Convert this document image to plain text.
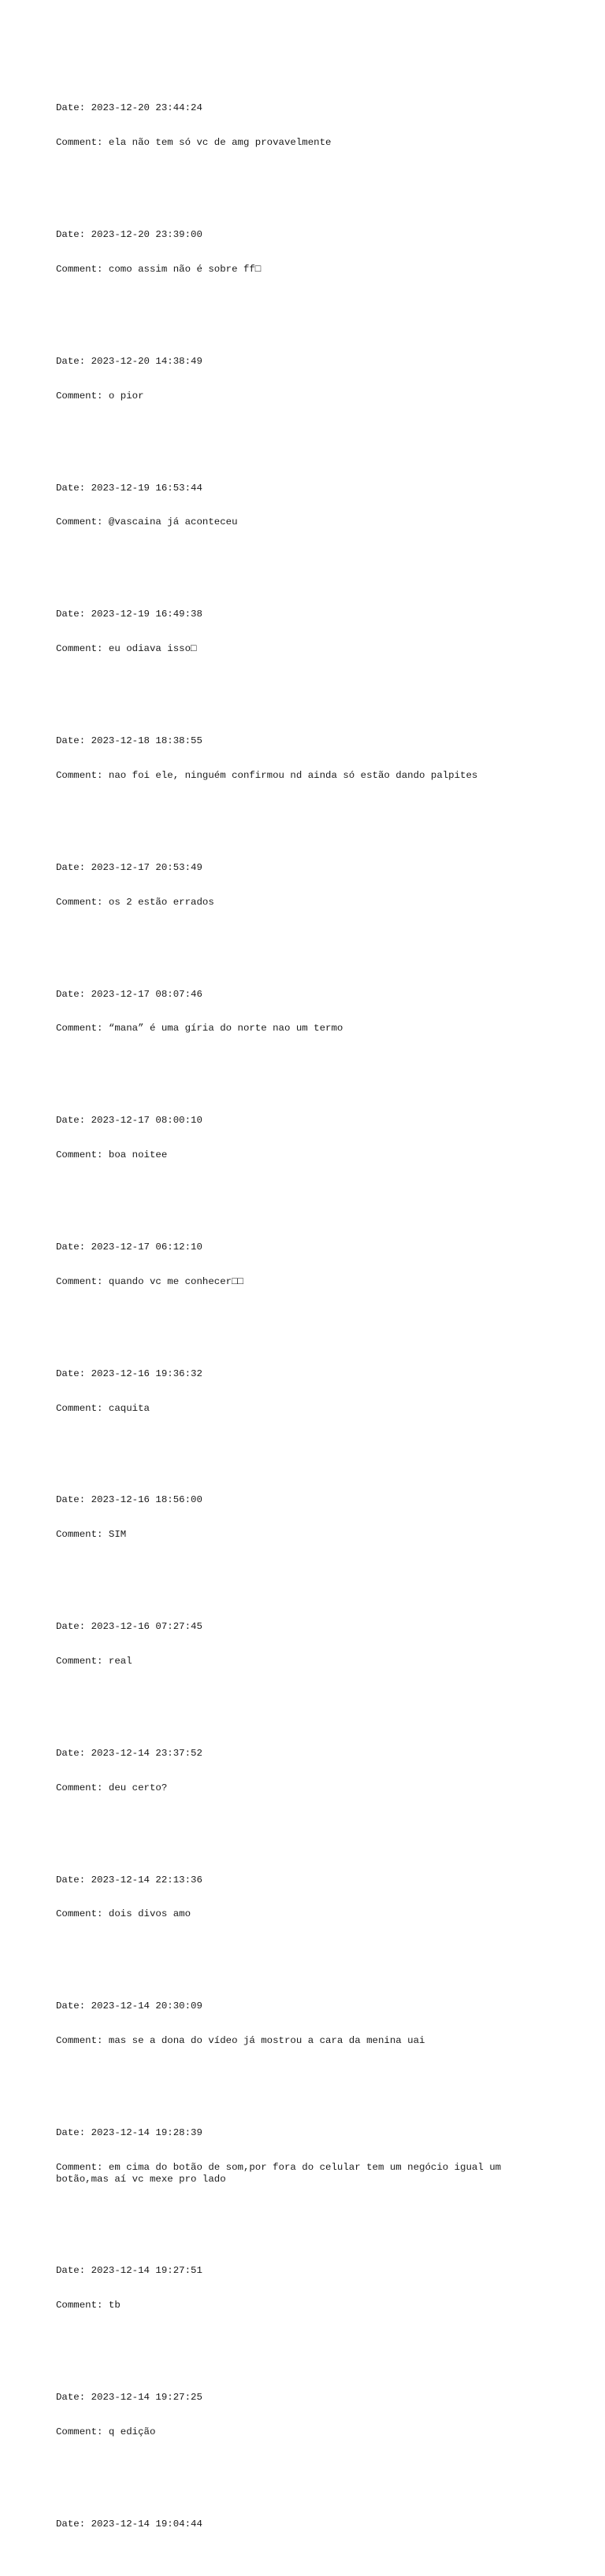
Date: 2023-12-20 23:44:24

Comment: ela não tem só vc de amg provavelmente

Date: 2023-12-20 23:39:00

Comment: como assim não é sobre ff□

Date: 2023-12-20 14:38:49

Comment: o pior

Date: 2023-12-19 16:53:44

Comment: @vascaina já aconteceu

Date: 2023-12-19 16:49:38

Comment: eu odiava isso□

Date: 2023-12-18 18:38:55

Comment: nao foi ele, ninguém confirmou nd ainda só estão dando palpites

Date: 2023-12-17 20:53:49

Comment: os 2 estão errados

Date: 2023-12-17 08:07:46

Comment: “mana” é uma gíria do norte nao um termo

Date: 2023-12-17 08:00:10

Comment: boa noitee

Date: 2023-12-17 06:12:10

Comment: quando vc me conhecer□□

Date: 2023-12-16 19:36:32

Comment: caquita

Date: 2023-12-16 18:56:00

Comment: SIM

Date: 2023-12-16 07:27:45

Comment: real

Date: 2023-12-14 23:37:52

Comment: deu certo?

Date: 2023-12-14 22:13:36

Comment: dois divos amo

Date: 2023-12-14 20:30:09

Comment: mas se a dona do vídeo já mostrou a cara da menina uai

Date: 2023-12-14 19:28:39

Comment: em cima do botão de som,por fora do celular tem um negócio igual um
botão,mas aí vc mexe pro lado

Date: 2023-12-14 19:27:51

Comment: tb

Date: 2023-12-14 19:27:25

Comment: q edição

Date: 2023-12-14 19:04:44
